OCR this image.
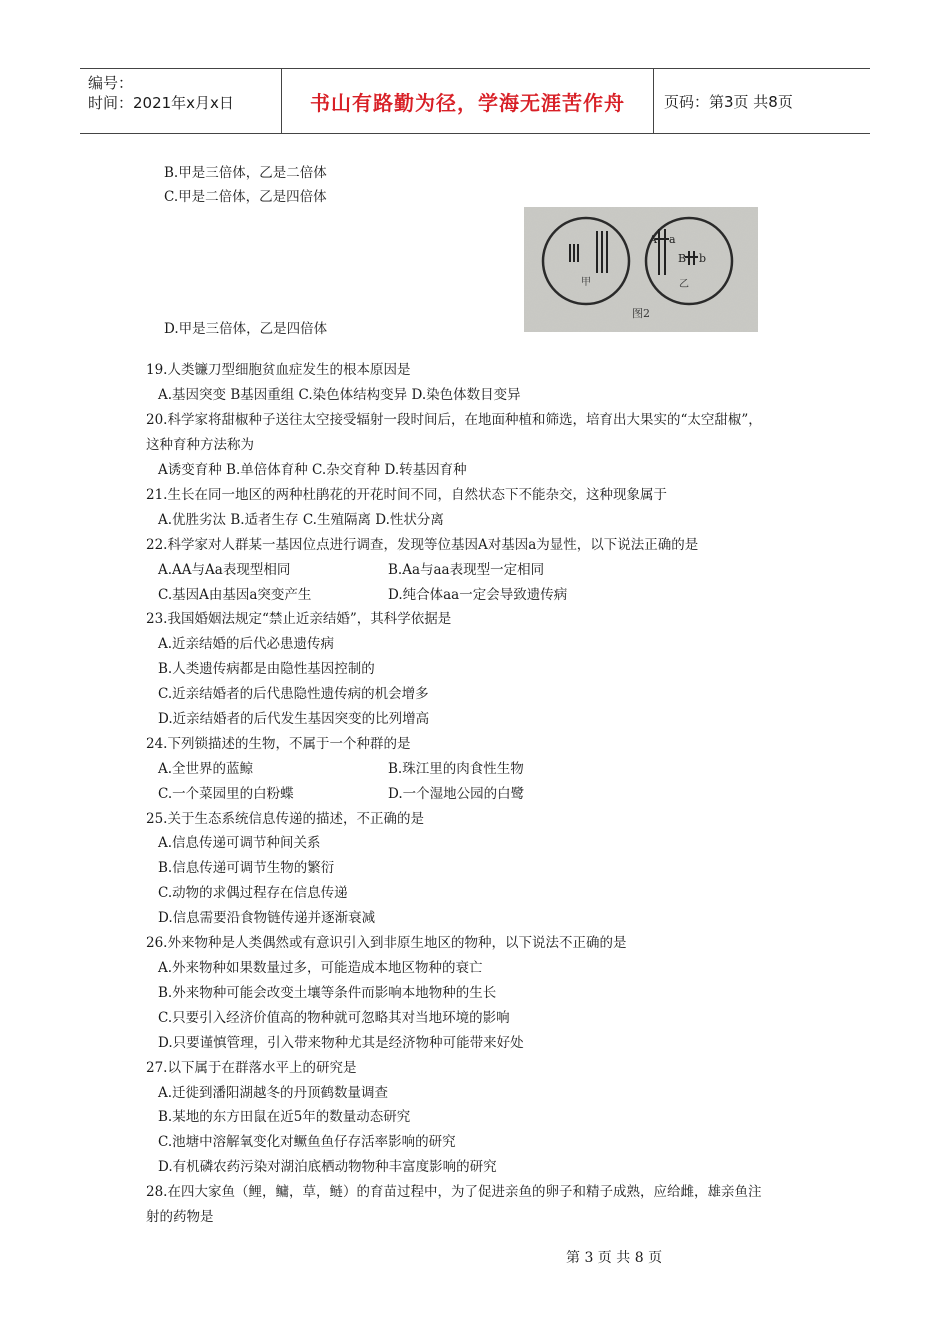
编号：
时间：2021年x月x日	书山有路勤为径，学海无涯苦作舟	页码：第3页 共8页
B.甲是三倍体，乙是二倍体
C.甲是二倍体，乙是四倍体
甲
A a
B b
乙
图2
D.甲是三倍体，乙是四倍体
19.人类镰刀型细胞贫血症发生的根本原因是
A.基因突变 B基因重组 C.染色体结构变异 D.染色体数目变异
20.科学家将甜椒种子送往太空接受辐射一段时间后，在地面种植和筛选，培育出大果实的“太空甜椒”，
这种育种方法称为
A诱变育种 B.单倍体育种 C.杂交育种 D.转基因育种
21.生长在同一地区的两种杜鹃花的开花时间不同，自然状态下不能杂交，这种现象属于
A.优胜劣汰 B.适者生存 C.生殖隔离 D.性状分离
22.科学家对人群某一基因位点进行调查，发现等位基因A对基因a为显性，以下说法正确的是
A.AA与Aa表现型相同	B.Aa与aa表现型一定相同
C.基因A由基因a突变产生	D.纯合体aa一定会导致遗传病
23.我国婚姻法规定“禁止近亲结婚”，其科学依据是
A.近亲结婚的后代必患遗传病
B.人类遗传病都是由隐性基因控制的
C.近亲结婚者的后代患隐性遗传病的机会增多
D.近亲结婚者的后代发生基因突变的比列增高
24.下列锁描述的生物，不属于一个种群的是
A.全世界的蓝鲸	B.珠江里的肉食性生物
C.一个菜园里的白粉蝶	D.一个湿地公园的白鹭
25.关于生态系统信息传递的描述，不正确的是
A.信息传递可调节种间关系
B.信息传递可调节生物的繁衍
C.动物的求偶过程存在信息传递
D.信息需要沿食物链传递并逐渐衰减
26.外来物种是人类偶然或有意识引入到非原生地区的物种，以下说法不正确的是
A.外来物种如果数量过多，可能造成本地区物种的衰亡
B.外来物种可能会改变土壤等条件而影响本地物种的生长
C.只要引入经济价值高的物种就可忽略其对当地环境的影响
D.只要谨慎管理，引入带来物种尤其是经济物种可能带来好处
27.以下属于在群落水平上的研究是
A.迁徙到潘阳湖越冬的丹顶鹤数量调查
B.某地的东方田鼠在近5年的数量动态研究
C.池塘中溶解氧变化对鳜鱼鱼仔存活率影响的研究
D.有机磷农药污染对湖泊底栖动物物种丰富度影响的研究
28.在四大家鱼（鲤，鳙，草，鲢）的育苗过程中，为了促进亲鱼的卵子和精子成熟，应给雌，雄亲鱼注
射的药物是
第 3 页 共 8 页
